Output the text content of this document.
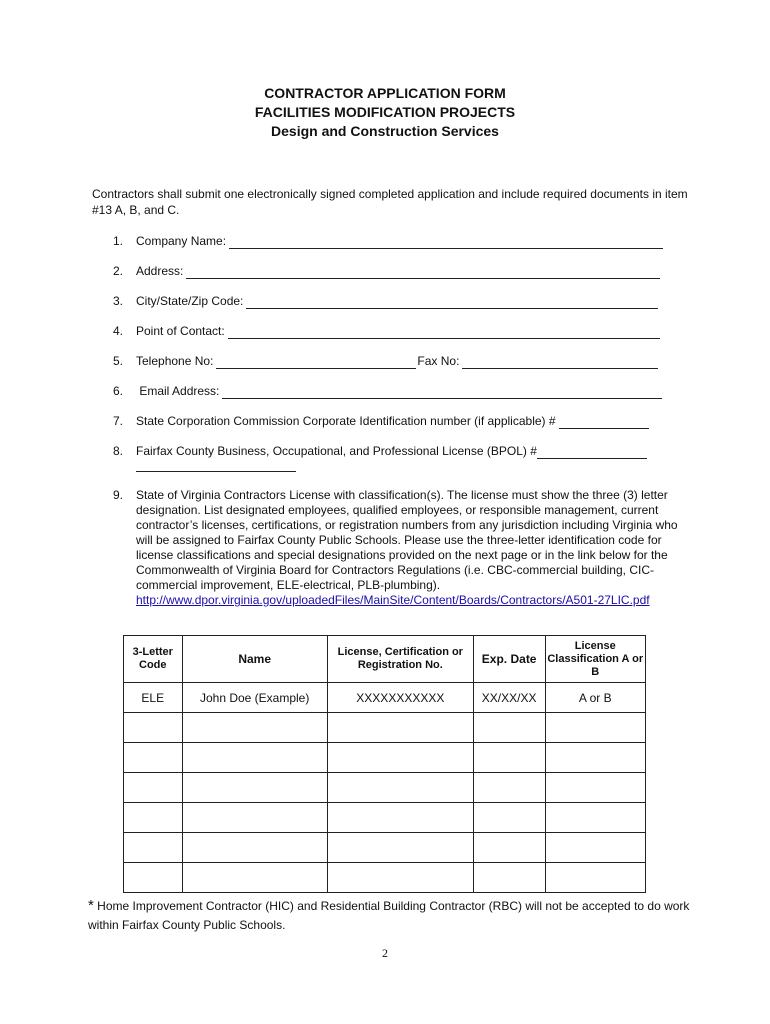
CONTRACTOR APPLICATION FORM
FACILITIES MODIFICATION PROJECTS
Design and Construction Services
Contractors shall submit one electronically signed completed application and include required documents in item #13 A, B, and C.
1.	Company Name:
2.	Address:
3.	City/State/Zip Code:
4.	Point of Contact:
5.	Telephone No:	Fax No:
6.	Email Address:
7.	State Corporation Commission Corporate Identification number (if applicable) #
8.	Fairfax County Business, Occupational, and Professional License (BPOL) #
9. State of Virginia Contractors License with classification(s). The license must show the three (3) letter designation. List designated employees, qualified employees, or responsible management, current contractor’s licenses, certifications, or registration numbers from any jurisdiction including Virginia who will be assigned to Fairfax County Public Schools. Please use the three-letter identification code for license classifications and special designations provided on the next page or in the link below for the Commonwealth of Virginia Board for Contractors Regulations (i.e. CBC-commercial building, CIC- commercial improvement, ELE-electrical, PLB-plumbing).
http://www.dpor.virginia.gov/uploadedFiles/MainSite/Content/Boards/Contractors/A501-27LIC.pdf
3-Letter Code	Name	License, Certification or Registration No.	Exp. Date	License Classification A or B
ELE	John Doe (Example)	XXXXXXXXXXX	XX/XX/XX	A or B

* Home Improvement Contractor (HIC) and Residential Building Contractor (RBC) will not be accepted to do work within Fairfax County Public Schools.
2
